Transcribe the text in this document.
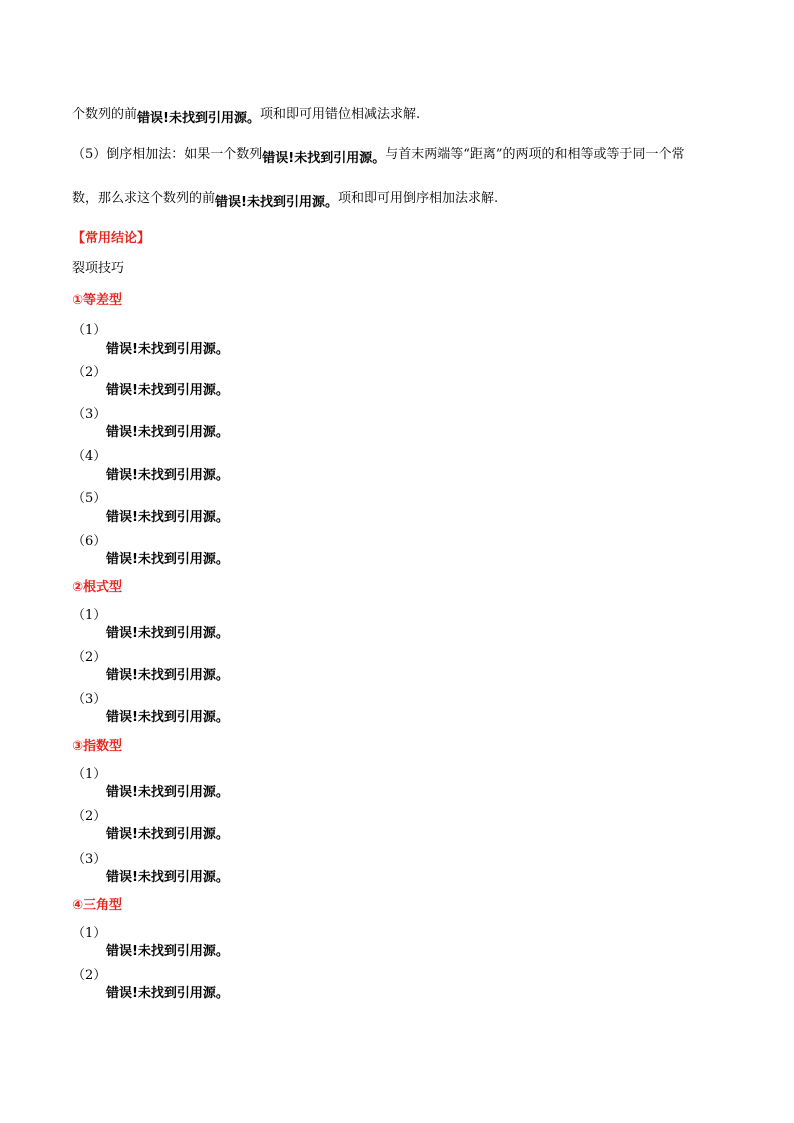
个数列的前错误!未找到引用源。项和即可用错位相减法求解.
（5）倒序相加法：如果一个数列错误!未找到引用源。与首末两端等“距离”的两项的和相等或等于同一个常
数，那么求这个数列的前错误!未找到引用源。项和即可用倒序相加法求解.
【常用结论】
裂项技巧
①等差型
（1）
错误!未找到引用源。
（2）
错误!未找到引用源。
（3）
错误!未找到引用源。
（4）
错误!未找到引用源。
（5）
错误!未找到引用源。
（6）
错误!未找到引用源。
②根式型
（1）
错误!未找到引用源。
（2）
错误!未找到引用源。
（3）
错误!未找到引用源。
③指数型
（1）
错误!未找到引用源。
（2）
错误!未找到引用源。
（3）
错误!未找到引用源。
④三角型
（1）
错误!未找到引用源。
（2）
错误!未找到引用源。
